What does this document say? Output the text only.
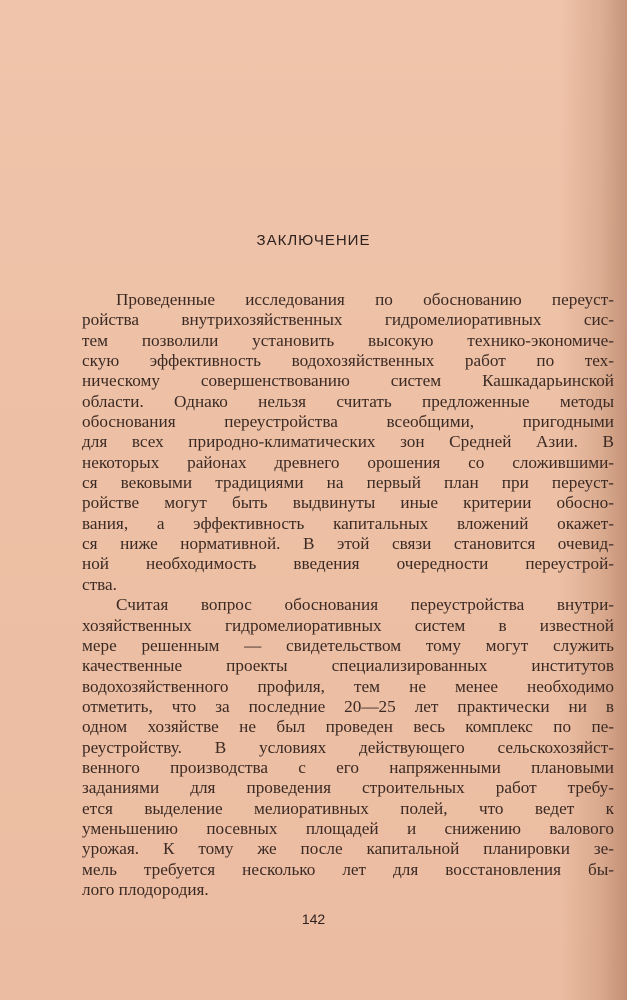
ЗАКЛЮЧЕНИЕ
Проведенные исследования по обоснованию переуст-
ройства внутрихозяйственных гидромелиоративных сис-
тем позволили установить высокую технико-экономиче-
скую эффективность водохозяйственных работ по тех-
ническому совершенствованию систем Кашкадарьинской
области. Однако нельзя считать предложенные методы
обоснования переустройства всеобщими, пригодными
для всех природно-климатических зон Средней Азии. В
некоторых районах древнего орошения со сложившими-
ся вековыми традициями на первый план при переуст-
ройстве могут быть выдвинуты иные критерии обосно-
вания, а эффективность капитальных вложений окажет-
ся ниже нормативной. В этой связи становится очевид-
ной необходимость введения очередности переустрой-
ства.
Считая вопрос обоснования переустройства внутри-
хозяйственных гидромелиоративных систем в известной
мере решенным — свидетельством тому могут служить
качественные проекты специализированных институтов
водохозяйственного профиля, тем не менее необходимо
отметить, что за последние 20—25 лет практически ни в
одном хозяйстве не был проведен весь комплекс по пе-
реустройству. В условиях действующего сельскохозяйст-
венного производства с его напряженными плановыми
заданиями для проведения строительных работ требу-
ется выделение мелиоративных полей, что ведет к
уменьшению посевных площадей и снижению валового
урожая. К тому же после капитальной планировки зе-
мель требуется несколько лет для восстановления бы-
лого плодородия.
142
